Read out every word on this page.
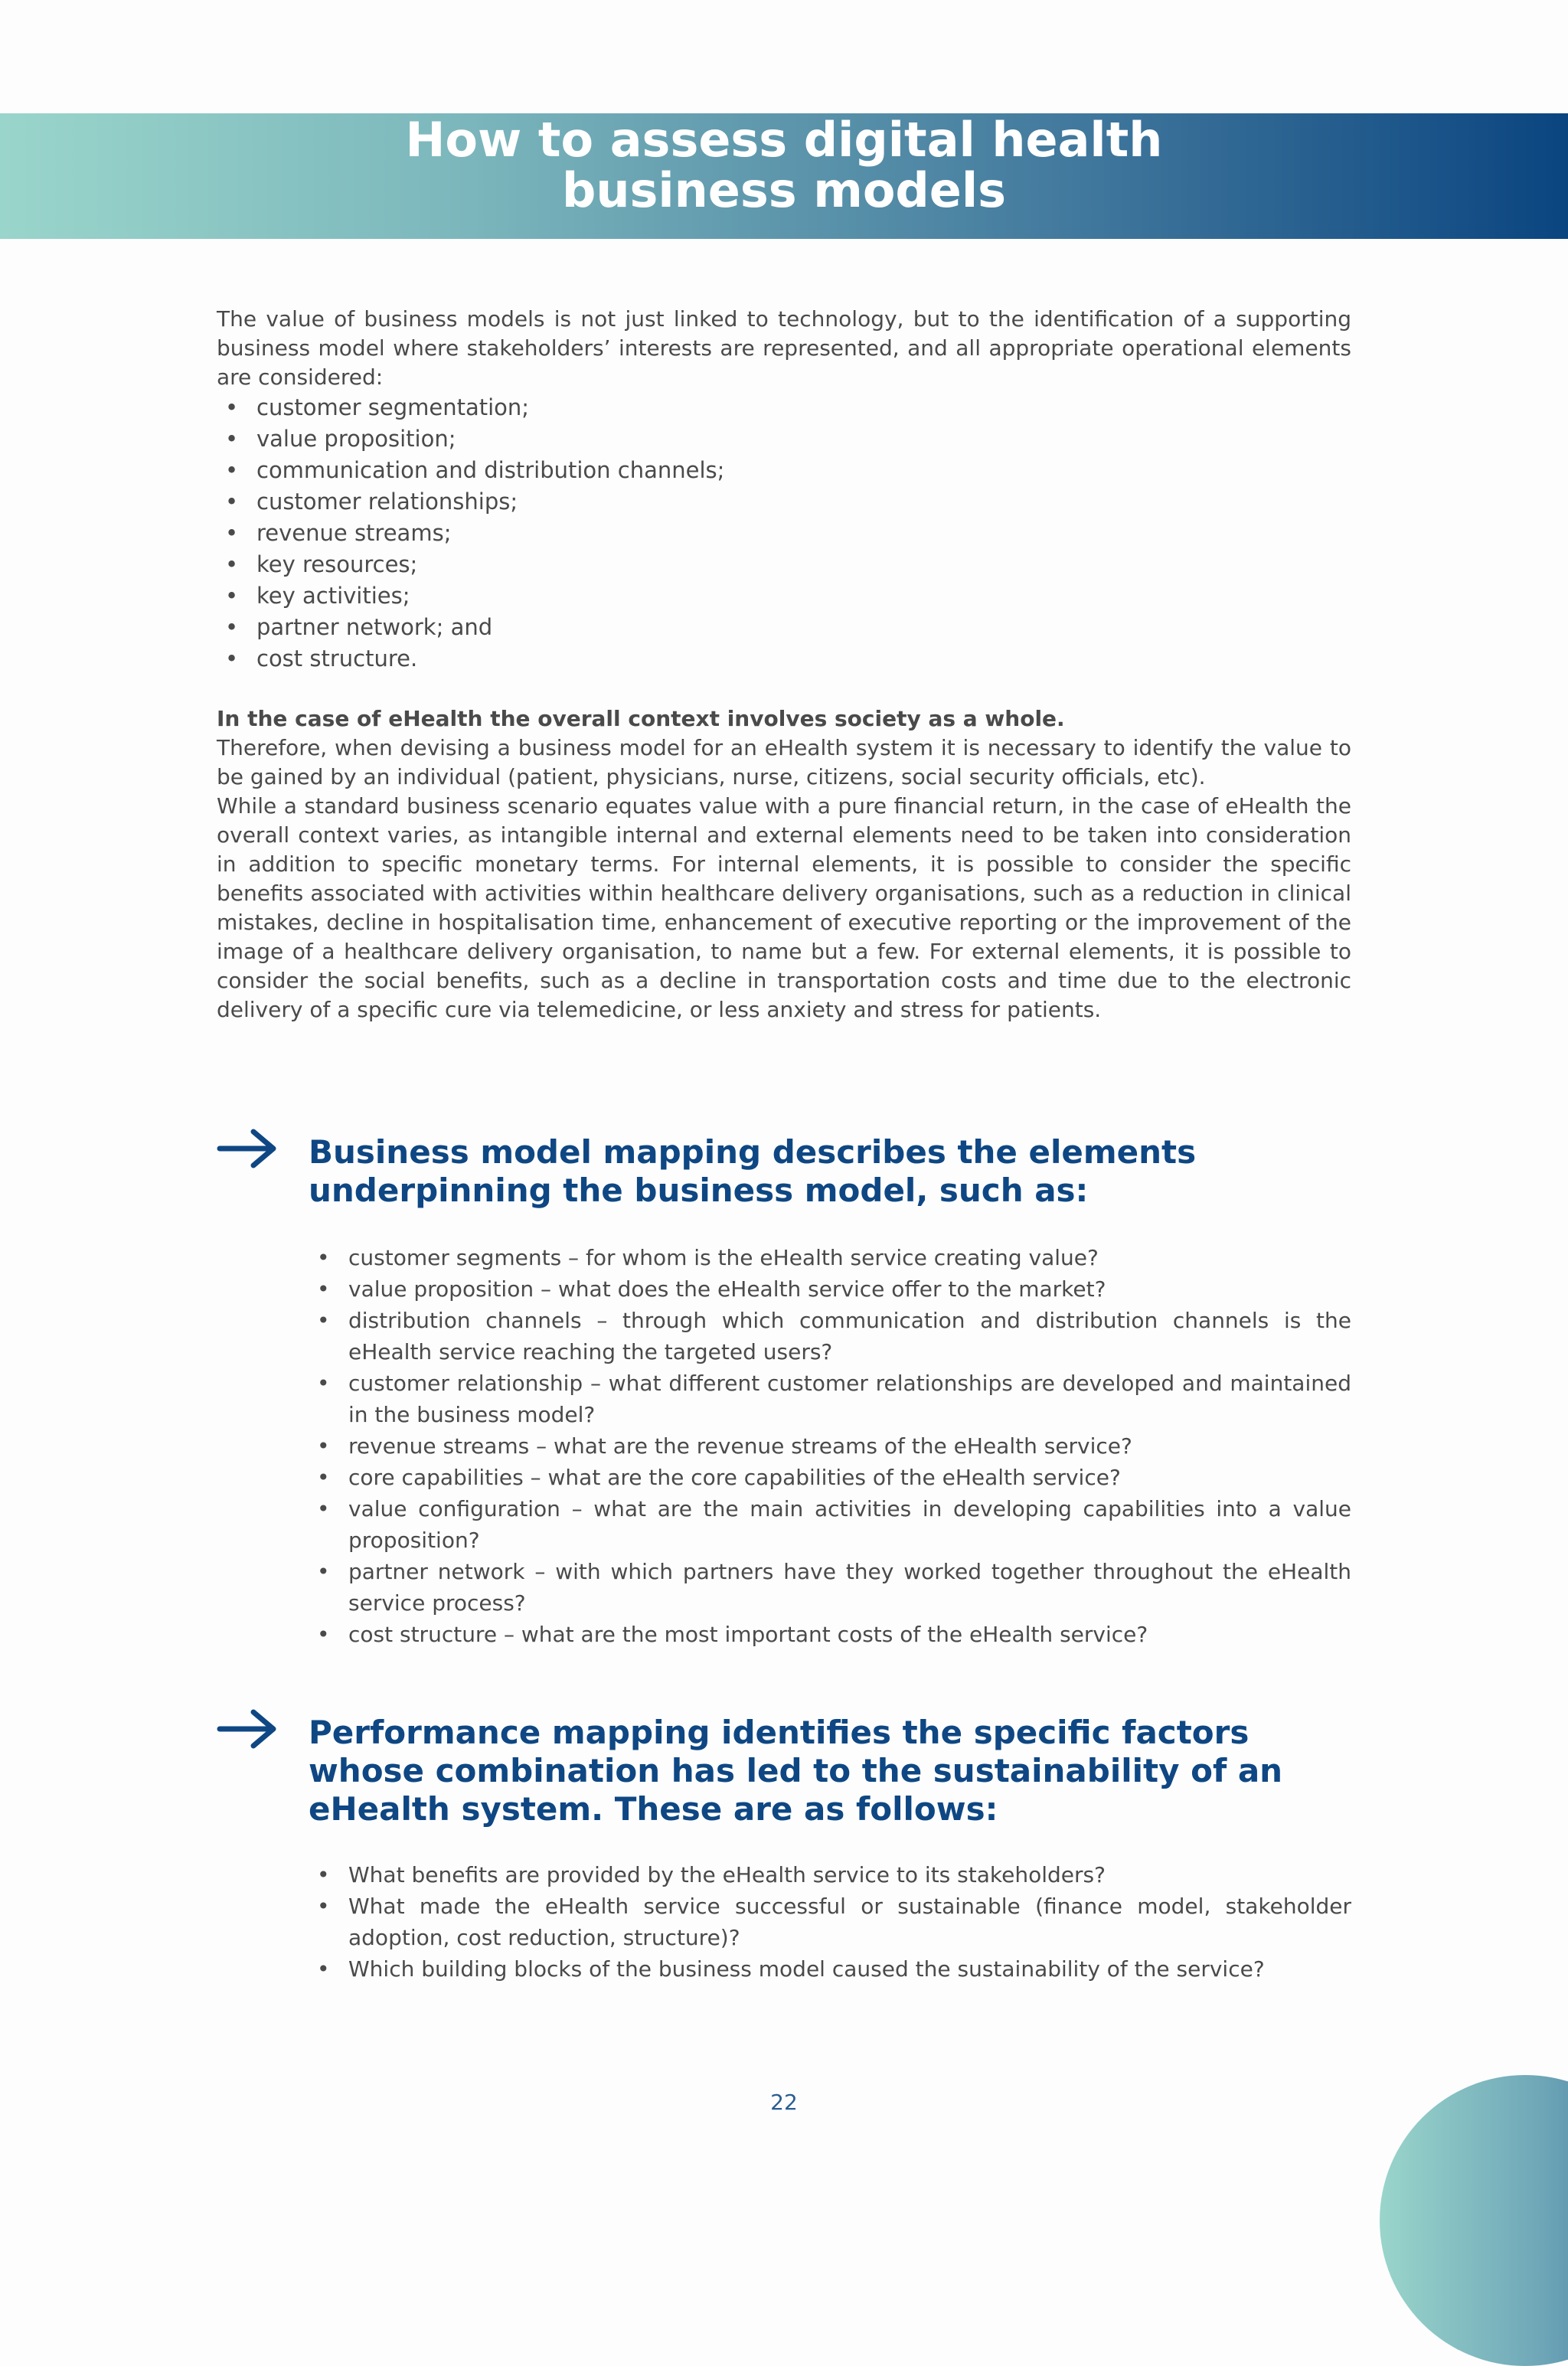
How to assess digital health
business models

The value of business models is not just linked to technology, but to the identification of a supporting business model where stakeholders’ interests are represented, and all appropriate operational elements are considered:

• customer segmentation;
• value proposition;
• communication and distribution channels;
• customer relationships;
• revenue streams;
• key resources;
• key activities;
• partner network; and
• cost structure.

In the case of eHealth the overall context involves society as a whole.

Therefore, when devising a business model for an eHealth system it is necessary to identify the value to be gained by an individual (patient, physicians, nurse, citizens, social security officials, etc).

While a standard business scenario equates value with a pure financial return, in the case of eHealth the overall context varies, as intangible internal and external elements need to be taken into consideration in addition to specific monetary terms. For internal elements, it is possible to consider the specific benefits associated with activities within healthcare delivery organisations, such as a reduction in clinical mistakes, decline in hospitalisation time, enhancement of executive reporting or the improvement of the image of a healthcare delivery organisation, to name but a few. For external elements, it is possible to consider the social benefits, such as a decline in transportation costs and time due to the electronic delivery of a specific cure via telemedicine, or less anxiety and stress for patients.

Business model mapping describes the elements underpinning the business model, such as:
• customer segments – for whom is the eHealth service creating value?
• value proposition – what does the eHealth service offer to the market?
• distribution channels – through which communication and distribution channels is the eHealth service reaching the targeted users?
• customer relationship – what different customer relationships are developed and maintained in the business model?
• revenue streams – what are the revenue streams of the eHealth service?
• core capabilities – what are the core capabilities of the eHealth service?
• value configuration – what are the main activities in developing capabilities into a value proposition?
• partner network – with which partners have they worked together throughout the eHealth service process?
• cost structure – what are the most important costs of the eHealth service?
Performance mapping identifies the specific factors whose combination has led to the sustainability of an eHealth system. These are as follows:
• What benefits are provided by the eHealth service to its stakeholders?
• What made the eHealth service successful or sustainable (finance model, stakeholder adoption, cost reduction, structure)?
• Which building blocks of the business model caused the sustainability of the service?
22
